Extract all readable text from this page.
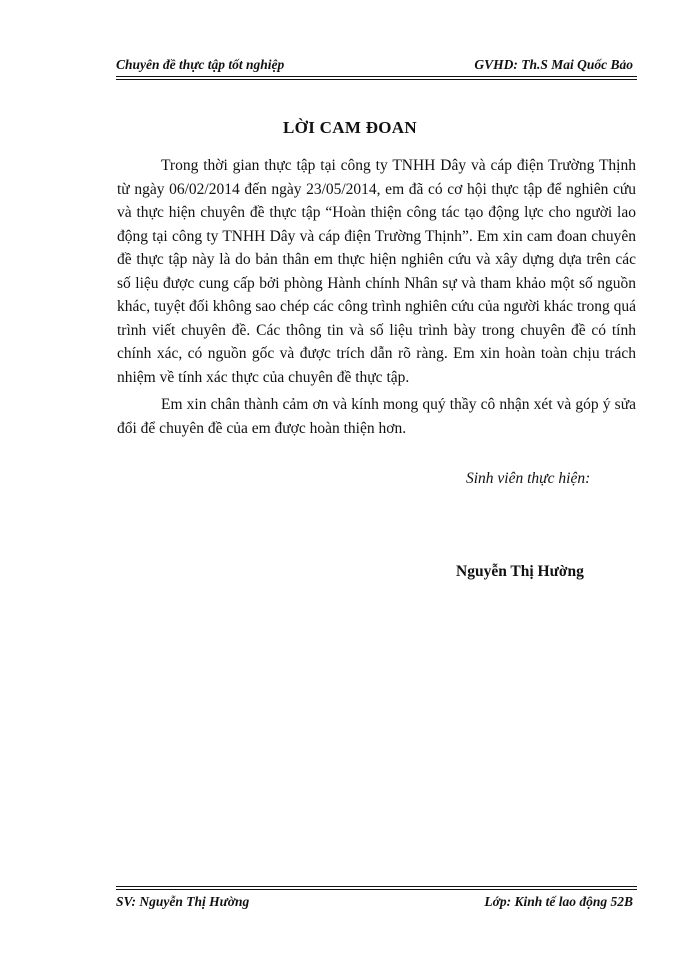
Chuyên đề thực tập tốt nghiệp	GVHD: Th.S Mai Quốc Bảo
LỜI CAM ĐOAN

Trong thời gian thực tập tại công ty TNHH Dây và cáp điện Trường Thịnh từ ngày 06/02/2014 đến ngày 23/05/2014, em đã có cơ hội thực tập để nghiên cứu và thực hiện chuyên đề thực tập “Hoàn thiện công tác tạo động lực cho người lao động tại công ty TNHH Dây và cáp điện Trường Thịnh”. Em xin cam đoan chuyên đề thực tập này là do bản thân em thực hiện nghiên cứu và xây dựng dựa trên các số liệu được cung cấp bởi phòng Hành chính Nhân sự và tham khảo một số nguồn khác, tuyệt đối không sao chép các công trình nghiên cứu của người khác trong quá trình viết chuyên đề. Các thông tin và số liệu trình bày trong chuyên đề có tính chính xác, có nguồn gốc và được trích dẫn rõ ràng. Em xin hoàn toàn chịu trách nhiệm về tính xác thực của chuyên đề thực tập.

Em xin chân thành cảm ơn và kính mong quý thầy cô nhận xét và góp ý sửa đổi để chuyên đề của em được hoàn thiện hơn.

Sinh viên thực hiện:
Nguyễn Thị Hường
SV: Nguyễn Thị Hường	Lớp: Kinh tế lao động 52B
